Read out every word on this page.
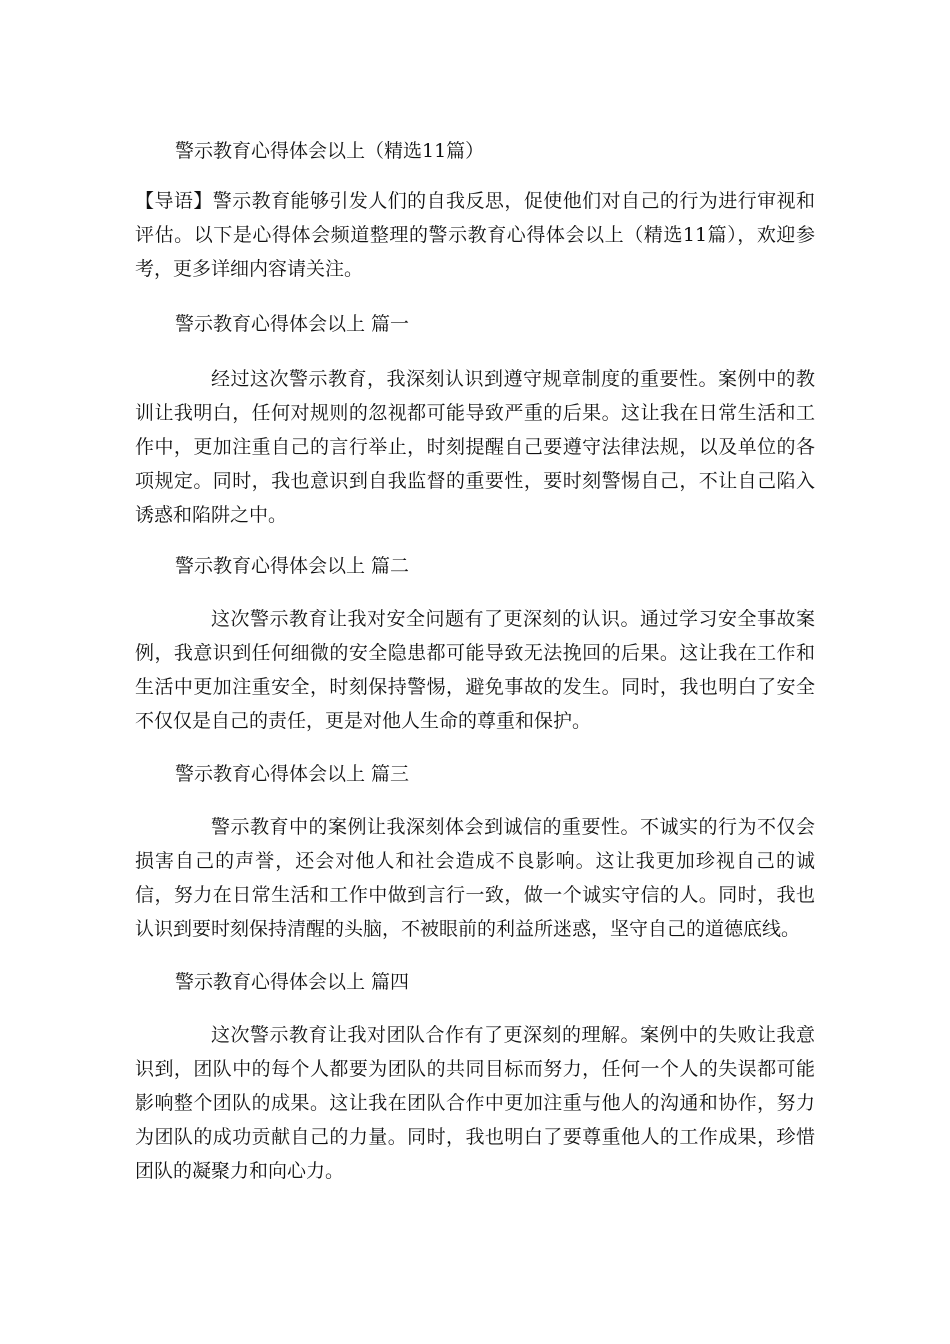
警示教育心得体会以上（精选11篇）
【导语】警示教育能够引发人们的自我反思，促使他们对自己的行为进行审视和评估。以下是心得体会频道整理的警示教育心得体会以上（精选11篇），欢迎参考，更多详细内容请关注。
警示教育心得体会以上 篇一
经过这次警示教育，我深刻认识到遵守规章制度的重要性。案例中的教训让我明白，任何对规则的忽视都可能导致严重的后果。这让我在日常生活和工作中，更加注重自己的言行举止，时刻提醒自己要遵守法律法规，以及单位的各项规定。同时，我也意识到自我监督的重要性，要时刻警惕自己，不让自己陷入诱惑和陷阱之中。
警示教育心得体会以上 篇二
这次警示教育让我对安全问题有了更深刻的认识。通过学习安全事故案例，我意识到任何细微的安全隐患都可能导致无法挽回的后果。这让我在工作和生活中更加注重安全，时刻保持警惕，避免事故的发生。同时，我也明白了安全不仅仅是自己的责任，更是对他人生命的尊重和保护。
警示教育心得体会以上 篇三
警示教育中的案例让我深刻体会到诚信的重要性。不诚实的行为不仅会损害自己的声誉，还会对他人和社会造成不良影响。这让我更加珍视自己的诚信，努力在日常生活和工作中做到言行一致，做一个诚实守信的人。同时，我也认识到要时刻保持清醒的头脑，不被眼前的利益所迷惑，坚守自己的道德底线。
警示教育心得体会以上 篇四
这次警示教育让我对团队合作有了更深刻的理解。案例中的失败让我意识到，团队中的每个人都要为团队的共同目标而努力，任何一个人的失误都可能影响整个团队的成果。这让我在团队合作中更加注重与他人的沟通和协作，努力为团队的成功贡献自己的力量。同时，我也明白了要尊重他人的工作成果，珍惜团队的凝聚力和向心力。
